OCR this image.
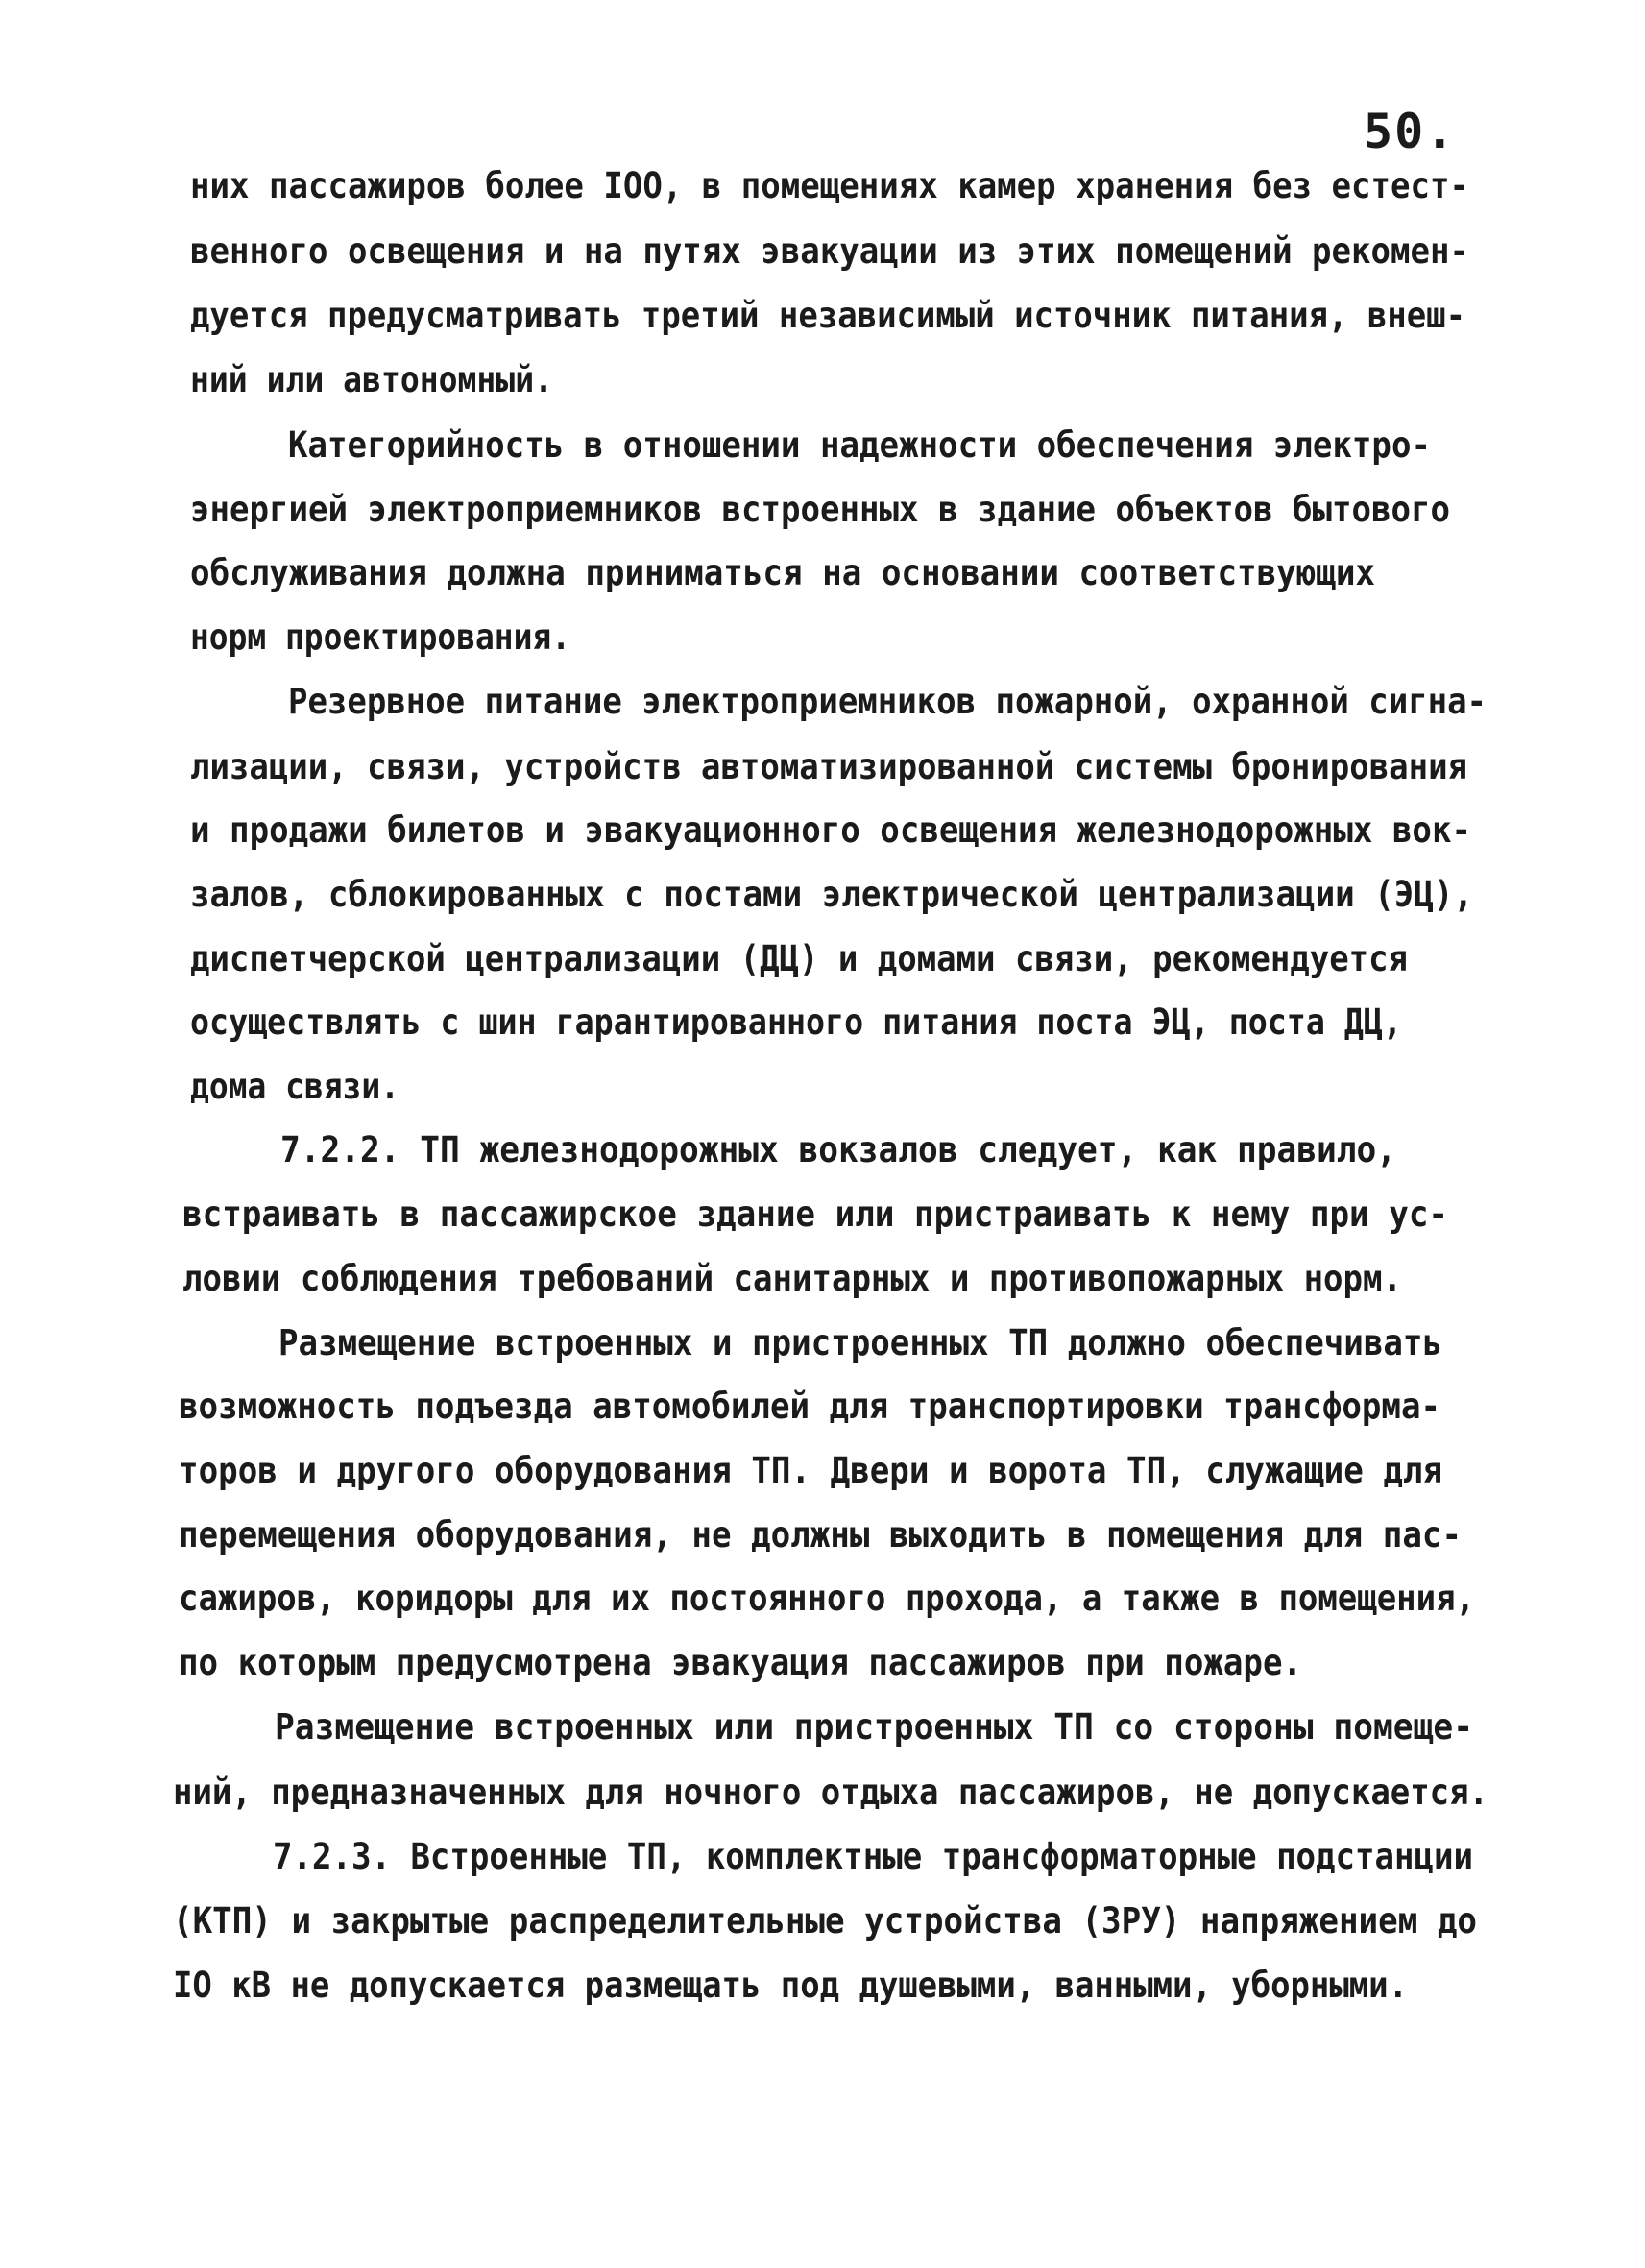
50.
них пассажиров более IOO, в помещениях камер хранения без естест-
венного освещения и на путях эвакуации из этих помещений рекомен-
дуется предусматривать третий независимый источник питания, внеш-
ний или автономный.
Категорийность в отношении надежности обеспечения электро-
энергией электроприемников встроенных в здание объектов бытового
обслуживания должна приниматься на основании соответствующих
норм проектирования.
Резервное питание электроприемников пожарной, охранной сигна-
лизации, связи, устройств автоматизированной системы бронирования
и продажи билетов и эвакуационного освещения железнодорожных вок-
залов, сблокированных с постами электрической централизации (ЭЦ),
диспетчерской централизации (ДЦ) и домами связи, рекомендуется
осуществлять с шин гарантированного питания поста ЭЦ, поста ДЦ,
дома связи.
7.2.2. ТП железнодорожных вокзалов следует, как правило,
встраивать в пассажирское здание или пристраивать к нему при ус-
ловии соблюдения требований санитарных и противопожарных норм.
Размещение встроенных и пристроенных ТП должно обеспечивать
возможность подъезда автомобилей для транспортировки трансформа-
торов и другого оборудования ТП. Двери и ворота ТП, служащие для
перемещения оборудования, не должны выходить в помещения для пас-
сажиров, коридоры для их постоянного прохода, а также в помещения,
по которым предусмотрена эвакуация пассажиров при пожаре.
Размещение встроенных или пристроенных ТП со стороны помеще-
ний, предназначенных для ночного отдыха пассажиров, не допускается.
7.2.3. Встроенные ТП, комплектные трансформаторные подстанции
(КТП) и закрытые распределительные устройства (ЗРУ) напряжением до
IO кВ не допускается размещать под душевыми, ванными, уборными.
